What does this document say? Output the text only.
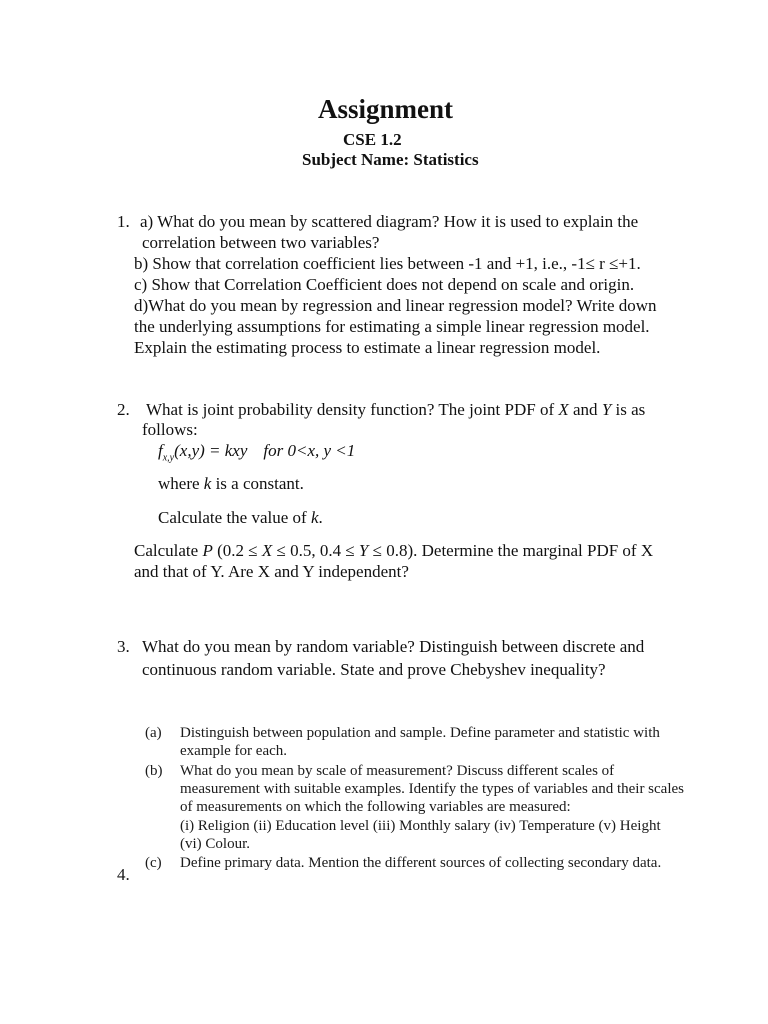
Assignment
CSE 1.2
Subject Name: Statistics
1. a) What do you mean by scattered diagram? How it is used to explain the
correlation between two variables?
b) Show that correlation coefficient lies between -1 and +1, i.e., -1≤ r ≤+1.
c) Show that Correlation Coefficient does not depend on scale and origin.
d)What do you mean by regression and linear regression model? Write down
the underlying assumptions for estimating a simple linear regression model.
Explain the estimating process to estimate a linear regression model.
2. What is joint probability density function? The joint PDF of X and Y is as
follows:
$f_{x,y}(x,y)$ = kxy for 0<x, y <1
where k is a constant.
Calculate the value of k.
Calculate P (0.2 ≤ X ≤ 0.5, 0.4 ≤ Y ≤ 0.8). Determine the marginal PDF of X
and that of Y. Are X and Y independent?
3. What do you mean by random variable? Distinguish between discrete and
continuous random variable. State and prove Chebyshev inequality?
(a) Distinguish between population and sample. Define parameter and statistic with
example for each.
(b) What do you mean by scale of measurement? Discuss different scales of
measurement with suitable examples. Identify the types of variables and their scales
of measurements on which the following variables are measured:
(i) Religion (ii) Education level (iii) Monthly salary (iv) Temperature (v) Height
(vi) Colour.
(c) Define primary data. Mention the different sources of collecting secondary data.
4.
